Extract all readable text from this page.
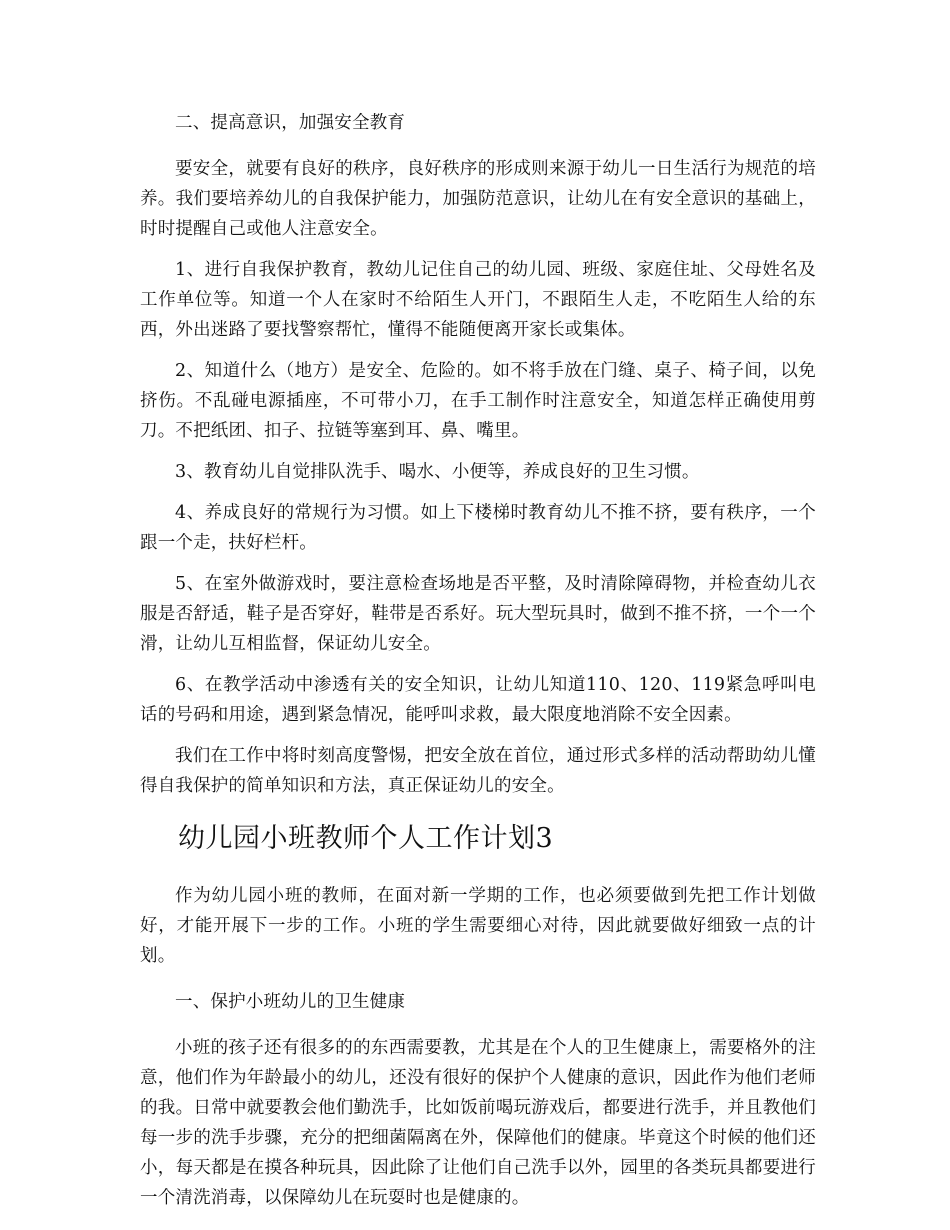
二、提高意识，加强安全教育

要安全，就要有良好的秩序，良好秩序的形成则来源于幼儿一日生活行为规范的培养。我们要培养幼儿的自我保护能力，加强防范意识，让幼儿在有安全意识的基础上，时时提醒自己或他人注意安全。

1、进行自我保护教育，教幼儿记住自己的幼儿园、班级、家庭住址、父母姓名及工作单位等。知道一个人在家时不给陌生人开门，不跟陌生人走，不吃陌生人给的东西，外出迷路了要找警察帮忙，懂得不能随便离开家长或集体。

2、知道什么（地方）是安全、危险的。如不将手放在门缝、桌子、椅子间，以免挤伤。不乱碰电源插座，不可带小刀，在手工制作时注意安全，知道怎样正确使用剪刀。不把纸团、扣子、拉链等塞到耳、鼻、嘴里。

3、教育幼儿自觉排队洗手、喝水、小便等，养成良好的卫生习惯。

4、养成良好的常规行为习惯。如上下楼梯时教育幼儿不推不挤，要有秩序，一个跟一个走，扶好栏杆。

5、在室外做游戏时，要注意检查场地是否平整，及时清除障碍物，并检查幼儿衣服是否舒适，鞋子是否穿好，鞋带是否系好。玩大型玩具时，做到不推不挤，一个一个滑，让幼儿互相监督，保证幼儿安全。

6、在教学活动中渗透有关的安全知识，让幼儿知道110、120、119紧急呼叫电话的号码和用途，遇到紧急情况，能呼叫求救，最大限度地消除不安全因素。

我们在工作中将时刻高度警惕，把安全放在首位，通过形式多样的活动帮助幼儿懂得自我保护的简单知识和方法，真正保证幼儿的安全。

幼儿园小班教师个人工作计划3

作为幼儿园小班的教师，在面对新一学期的工作，也必须要做到先把工作计划做好，才能开展下一步的工作。小班的学生需要细心对待，因此就要做好细致一点的计划。

一、保护小班幼儿的卫生健康

小班的孩子还有很多的的东西需要教，尤其是在个人的卫生健康上，需要格外的注意，他们作为年龄最小的幼儿，还没有很好的保护个人健康的意识，因此作为他们老师的我。日常中就要教会他们勤洗手，比如饭前喝玩游戏后，都要进行洗手，并且教他们每一步的洗手步骤，充分的把细菌隔离在外，保障他们的健康。毕竟这个时候的他们还小，每天都是在摸各种玩具，因此除了让他们自己洗手以外，园里的各类玩具都要进行一个清洗消毒，以保障幼儿在玩耍时也是健康的。
